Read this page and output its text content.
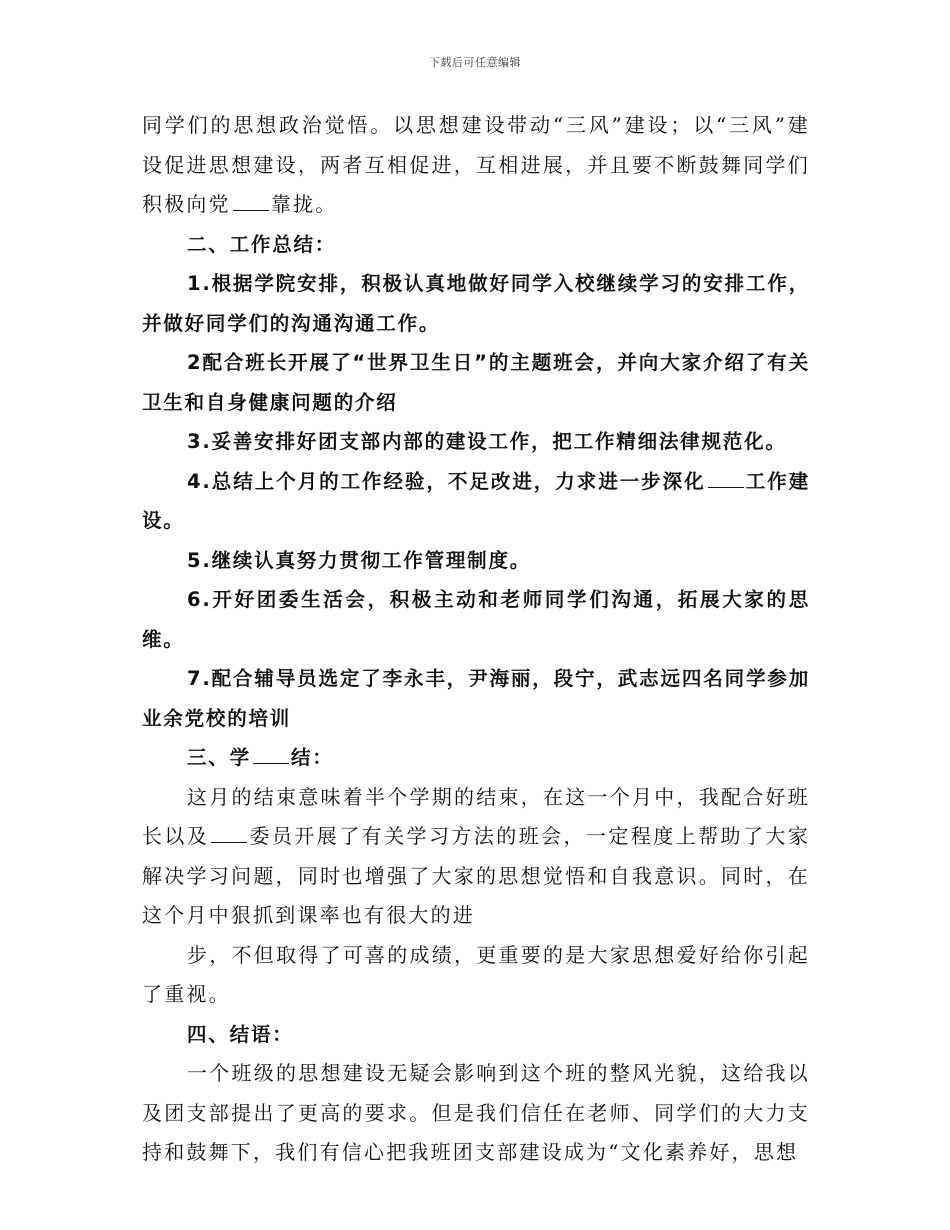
下载后可任意编辑

同学们的思想政治觉悟。以思想建设带动“三风”建设；以“三风”建设促进思想建设，两者互相促进，互相进展，并且要不断鼓舞同学们积极向党 靠拢。

二、工作总结：

1.根据学院安排，积极认真地做好同学入校继续学习的安排工作，并做好同学们的沟通沟通工作。

2配合班长开展了“世界卫生日”的主题班会，并向大家介绍了有关卫生和自身健康问题的介绍

3.妥善安排好团支部内部的建设工作，把工作精细法律规范化。

4.总结上个月的工作经验，不足改进，力求进一步深化 工作建设。

5.继续认真努力贯彻工作管理制度。

6.开好团委生活会，积极主动和老师同学们沟通，拓展大家的思维。

7.配合辅导员选定了李永丰，尹海丽，段宁，武志远四名同学参加业余党校的培训

三、学 结：

这月的结束意味着半个学期的结束，在这一个月中，我配合好班长以及 委员开展了有关学习方法的班会，一定程度上帮助了大家解决学习问题，同时也增强了大家的思想觉悟和自我意识。同时，在这个月中狠抓到课率也有很大的进

步，不但取得了可喜的成绩，更重要的是大家思想爱好给你引起了重视。

四、结语：

一个班级的思想建设无疑会影响到这个班的整风光貌，这给我以及团支部提出了更高的要求。但是我们信任在老师、同学们的大力支持和鼓舞下，我们有信心把我班团支部建设成为“文化素养好，思想
